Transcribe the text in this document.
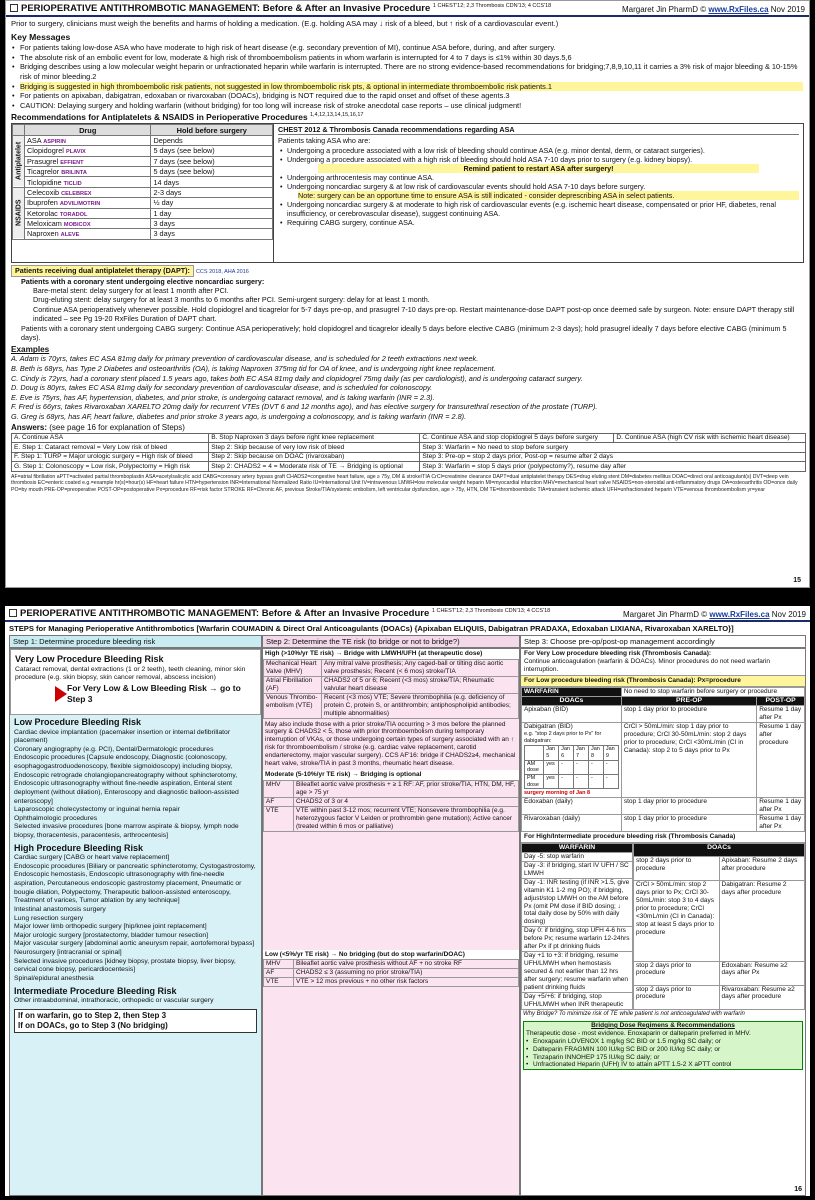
PERIOPERATIVE ANTITHROMBOTIC MANAGEMENT: Before & After an Invasive Procedure $^{1 CHEST'12; 2,3 Thrombosis CDN'13; 4 CCS'18}$	Margaret Jin PharmD © www.RxFiles.ca Nov 2019
Prior to surgery, clinicians must weigh the benefits and harms of holding a medication. (E.g. holding ASA may ↓ risk of a bleed, but ↑ risk of a cardiovascular event.)
Key Messages
• For patients taking low-dose ASA who have moderate to high risk of heart disease (e.g. secondary prevention of MI), continue ASA before, during, and after surgery.
• The absolute risk of an embolic event for low, moderate & high risk of thromboembolism patients in whom warfarin is interrupted for 4 to 7 days is ≤1% within 30 days.5,6
• Bridging describes using a low molecular weight heparin or unfractionated heparin while warfarin is interrupted. There are no strong evidence-based recommendations for bridging;7,8,9,10,11 it carries a 3% risk of major bleeding & 10-15% risk of minor bleeding.2
• Bridging is suggested in high thromboembolic risk patients, not suggested in low thromboembolic risk pts, & optional in intermediate thromboembolic risk patients.1
• For patients on apixaban, dabigatran, edoxaban or rivaroxaban (DOACs), bridging is NOT required due to the rapid onset and offset of these agents.3
• CAUTION: Delaying surgery and holding warfarin (without bridging) for too long will increase risk of stroke anecdotal case reports – use clinical judgment!
Recommendations for Antiplatelets & NSAIDS in Perioperative Procedures $^{1,4,12,13,14,15,16,17}$
	Drug	Hold before surgery
Antiplatelet	ASA ASPIRIN	Depends
	Clopidogrel PLAVIX	5 days (see below)
	Prasugrel EFFIENT	7 days (see below)
	Ticagrelor BRILINTA	5 days (see below)
	Ticlopidine TICLID	14 days
NSAIDS	Celecoxib CELEBREX	2-3 days
	Ibuprofen ADVIL/MOTRIN	½ day
	Ketorolac TORADOL	1 day
	Meloxicam MOBICOX	3 days
	Naproxen ALEVE	3 days
CHEST 2012 & Thrombosis Canada recommendations regarding ASA
Patients taking ASA who are:
• Undergoing a procedure associated with a low risk of bleeding should continue ASA (e.g. minor dental, derm, or cataract surgeries).
• Undergoing a procedure associated with a high risk of bleeding should hold ASA 7-10 days prior to surgery (e.g. kidney biopsy).
Remind patient to restart ASA after surgery!
• Undergoing arthrocentesis may continue ASA.
• Undergoing noncardiac surgery & at low risk of cardiovascular events should hold ASA 7-10 days before surgery.
Note: surgery can be an opportune time to ensure ASA is still indicated - consider deprescribing ASA in select patients.
• Undergoing noncardiac surgery & at moderate to high risk of cardiovascular events (e.g. ischemic heart disease, compensated or prior HF, diabetes, renal insufficiency, or cerebrovascular disease), suggest continuing ASA.
• Requiring CABG surgery, continue ASA.
Patients receiving dual antiplatelet therapy (DAPT): CCS 2018, AHA 2016
Patients with a coronary stent undergoing elective noncardiac surgery:
Bare-metal stent: delay surgery for at least 1 month after PCI.
Drug-eluting stent: delay surgery for at least 3 months to 6 months after PCI. Semi-urgent surgery: delay for at least 1 month.
Continue ASA perioperatively whenever possible. Hold clopidogrel and ticagrelor for 5-7 days pre-op, and prasugrel 7-10 days pre-op. Restart maintenance-dose DAPT post-op once deemed safe by surgeon. Note: ensure DAPT therapy still indicated – see Pg 19-20 RxFiles Duration of DAPT chart.
Patients with a coronary stent undergoing CABG surgery: Continue ASA perioperatively; hold clopidogrel and ticagrelor ideally 5 days before elective CABG (minimum 2-3 days); hold prasugrel ideally 7 days before elective CABG (minimum 5 days).
Examples
A. Adam is 70yrs, takes EC ASA 81mg daily for primary prevention of cardiovascular disease, and is scheduled for 2 teeth extractions next week.
B. Beth is 68yrs, has Type 2 Diabetes and osteoarthritis (OA), is taking Naproxen 375mg tid for OA of knee, and is undergoing right knee replacement.
C. Cindy is 72yrs, had a coronary stent placed 1.5 years ago, takes both EC ASA 81mg daily and clopidogrel 75mg daily (as per cardiologist), and is undergoing cataract surgery.
D. Doug is 80yrs, takes EC ASA 81mg daily for secondary prevention of cardiovascular disease, and is scheduled for colonoscopy.
E. Eve is 75yrs, has AF, hypertension, diabetes, and prior stroke, is undergoing cataract removal, and is taking warfarin (INR = 2.3).
F. Fred is 66yrs, takes Rivaroxaban XARELTO 20mg daily for recurrent VTEs (DVT 6 and 12 months ago), and has elective surgery for transurethral resection of the prostate (TURP).
G. Greg is 68yrs, has AF, heart failure, diabetes and prior stroke 3 years ago, is undergoing a colonoscopy, and is taking warfarin (INR = 2.8).
Answers: (see page 16 for explanation of Steps)
A. Continue ASA	B. Stop Naproxen 3 days before right knee replacement	C. Continue ASA and stop clopidogrel 5 days before surgery	D. Continue ASA (high CV risk with ischemic heart disease)
E. Step 1: Cataract removal = Very Low risk of bleed	Step 2: Skip because of very low risk of bleed	Step 3: Warfarin = No need to stop before surgery	
F. Step 1: TURP = Major urologic surgery = High risk of bleed	Step 2: Skip because on DOAC (rivaroxaban)	Step 3: Pre-op = stop 2 days prior, Post-op = resume after 2 days	
G. Step 1: Colonoscopy = Low risk, Polypectomy = High risk	Step 2: CHADS2 = 4 = Moderate risk of TE → Bridging is optional	Step 3: Warfarin = stop 5 days prior (polypectomy?), resume day after	
AF=atrial fibrillation aPTT=activated partial thromboplastin ASA=acetylsalicylic acid CABG=coronary artery bypass graft CHADS2=congestive heart failure, age ≥ 75y, DM & stroke/TIA CrCl=creatinine clearance DAPT=dual antiplatelet therapy DES=drug eluting stent DM=diabetes mellitus DOAC=direct oral anticoagulant(s) DVT=deep vein thrombosis EC=enteric coated e.g.=example hr(s)=hour(s) HF=heart failure HTN=hypertension INR=International Normalized Ratio IU=International Unit IV=intravenous LMWH=low molecular weight heparin MI=myocardial infarction MHV=mechanical heart valve NSAIDS=non-steroidal anti-inflammatory drugs OA=osteoarthritis OD=once daily PO=by mouth PRE-OP=preoperative POST-OP=postoperative Px=procedure RF=risk factor STROKE RF=Chronic AF, previous Stroke/TIA/systemic embolism, left ventricular dysfunction, age > 75y, HTN, DM TE=thromboembolic TIA=transient ischemic attack UFH=unfractionated heparin VTE=venous thromboembolism yr=year
15
PERIOPERATIVE ANTITHROMBOTIC MANAGEMENT: Before & After an Invasive Procedure $^{1 CHEST'12; 2,3 Thrombosis CDN'13; 4 CCS'18}$	Margaret Jin PharmD © www.RxFiles.ca Nov 2019
STEPS for Managing Perioperative Antithrombotics [Warfarin COUMADIN & Direct Oral Anticoagulants (DOACs) {Apixaban ELIQUIS, Dabigatran PRADAXA, Edoxaban LIXIANA, Rivaroxaban XARELTO}]
Step 1: Determine procedure bleeding risk	Step 2: Determine the TE risk (to bridge or not to bridge?)	Step 3: Choose pre-op/post-op management accordingly
Very Low Procedure Bleeding Risk
Cataract removal, dental extractions (1 or 2 teeth), teeth cleaning, minor skin procedure (e.g. skin biopsy, skin cancer removal, abscess incision)
For Very Low & Low Bleeding Risk → go to Step 3
Low Procedure Bleeding Risk
Cardiac device implantation (pacemaker insertion or internal defibrillator placement)
Coronary angiography (e.g. PCI), Dental/Dermatologic procedures
Endoscopic procedures [Capsule endoscopy, Diagnostic (colonoscopy, esophagogastroduodenoscopy, flexible sigmoidoscopy) including biopsy, Endoscopic retrograde cholangiopancreatography without sphincterotomy, Endoscopic ultrasonography without fine-needle aspiration, Enteral stent deployment (without dilation), Enteroscopy and diagnostic balloon-assisted enteroscopy]
Laparoscopic cholecystectomy or inguinal hernia repair
Ophthalmologic procedures
Selected invasive procedures [bone marrow aspirate & biopsy, lymph node biopsy, thoracentesis, paracentesis, arthrocentesis]
High Procedure Bleeding Risk
Cardiac surgery [CABG or heart valve replacement]
Endoscopic procedures [Biliary or pancreatic sphincterotomy, Cystogastrostomy, Endoscopic hemostasis, Endoscopic ultrasonography with fine-needle aspiration, Percutaneous endoscopic gastrostomy placement, Pneumatic or bougie dilation, Polypectomy, Therapeutic balloon-assisted enteroscopy, Treatment of varices, Tumor ablation by any technique]
Intestinal anastomosis surgery
Lung resection surgery
Major lower limb orthopedic surgery [hip/knee joint replacement]
Major urologic surgery [prostatectomy, bladder tumour resection]
Major vascular surgery [abdominal aortic aneurysm repair, aortofemoral bypass]
Neurosurgery [intracranial or spinal]
Selected invasive procedures [kidney biopsy, prostate biopsy, liver biopsy, cervical cone biopsy, pericardiocentesis]
Spinal/epidural anesthesia
Intermediate Procedure Bleeding Risk
Other intraabdominal, intrathoracic, orthopedic or vascular surgery
If on warfarin, go to Step 2, then Step 3
If on DOACs, go to Step 3 (No bridging)
High (>10%/yr TE risk) → Bridge with LMWH/UFH (at therapeutic dose)
Mechanical Heart Valve (MHV)	Any mitral valve prosthesis; Any caged-ball or tilting disc aortic valve prosthesis; Recent (< 6 mos) stroke/TIA
Atrial Fibrillation (AF)	CHADS2 of 5 or 6; Recent (<3 mos) stroke/TIA; Rheumatic valvular heart disease
Venous Thrombo-embolism (VTE)	Recent (<3 mos) VTE; Severe thrombophilia (e.g. deficiency of protein C, protein S, or antithrombin; antiphospholipid antibodies; multiple abnormalities)
May also include those with a prior stroke/TIA occurring > 3 mos before the planned surgery & CHADS2 < 5, those with prior thromboembolism during temporary interruption of VKAs, or those undergoing certain types of surgery associated with an ↑ risk for thromboembolism / stroke (e.g. cardiac valve replacement, carotid endarterectomy, major vascular surgery). CCS AF'16: bridge if CHADS2≥4, mechanical heart valve, stroke/TIA in past 3 months, rheumatic heart disease.
Moderate (5-10%/yr TE risk) → Bridging is optional
MHV	Bileaflet aortic valve prosthesis + ≥ 1 RF: AF, prior stroke/TIA, HTN, DM, HF, age > 75 yr
AF	CHADS2 of 3 or 4
VTE	VTE within past 3-12 mos; recurrent VTE; Nonsevere thrombophilia (e.g. heterozygous factor V Leiden or prothrombin gene mutation); Active cancer (treated within 6 mos or palliative)
Low (<5%/yr TE risk) → No bridging (but do stop warfarin/DOAC)
MHV	Bileaflet aortic valve prosthesis without AF + no stroke RF
AF	CHADS2 ≤ 3 (assuming no prior stroke/TIA)
VTE	VTE > 12 mos previous + no other risk factors
For Very Low procedure bleeding risk (Thrombosis Canada):
Continue anticoagulation (warfarin & DOACs). Minor procedures do not need warfarin interruption.
For Low procedure bleeding risk (Thrombosis Canada): Px=procedure
WARFARIN	No need to stop warfarin before surgery or procedure
DOACs	PRE-OP	POST-OP
Apixaban (BID)	stop 1 day prior to procedure	Resume 1 day after Px

Dabigatran (BID)
e.g. "stop 2 days prior to Px" for dabigatran:
	Jan 5	Jan 6	Jan 7	Jan 8	Jan 9
AM dose	yes	-	-	-	-
PM dose	yes	-	-	-	-
surgery morning of Jan 8
	CrCl > 50mL/min: stop 1 day prior to procedure; CrCl 30-50mL/min: stop 2 days prior to procedure; CrCl <30mL/min (CI in Canada): stop 2 to 5 days prior to Px	Resume 1 day after procedure
Edoxaban (daily)	stop 1 day prior to procedure	Resume 1 day after Px
Rivaroxaban (daily)	stop 1 day prior to procedure	Resume 1 day after Px
For High/Intermediate procedure bleeding risk (Thrombosis Canada)
WARFARIN
Day -5: stop warfarin
Day -3: if bridging, start IV UFH / SC LMWH
Day -1: INR testing (if INR >1.5, give vitamin K1 1-2 mg PO); if bridging, adjust/stop LMWH on the AM before Px (omit PM dose if BID dosing; ↓ total daily dose by 50% with daily dosing)
Day 0: if bridging, stop UFH 4-6 hrs before Px; resume warfarin 12-24hrs after Px if pt drinking fluids
Day +1 to +3: if bridging, resume UFH/LMWH when hemostasis secured & not earlier than 12 hrs after surgery; resume warfarin when patient drinking fluids
Day +5/+6: if bridging, stop UFH/LMWH when INR therapeutic
DOACs	
stop 2 days prior to procedure	Apixaban: Resume 2 days after procedure
CrCl > 50mL/min: stop 2 days prior to Px; CrCl 30-50mL/min: stop 3 to 4 days prior to procedure; CrCl <30mL/min (CI in Canada): stop at least 5 days prior to procedure	Dabigatran: Resume 2 days after procedure
stop 2 days prior to procedure	Edoxaban: Resume ≥2 days after Px
stop 2 days prior to procedure	Rivaroxaban: Resume ≥2 days after procedure
Why Bridge? To minimize risk of TE while patient is not anticoagulated with warfarin
Bridging Dose Regimens & Recommendations
Therapeutic dose - most evidence. Enoxaparin or dalteparin preferred in MHV.
• Enoxaparin LOVENOX 1 mg/kg SC BID or 1.5 mg/kg SC daily; or
• Dalteparin FRAGMIN 100 IU/kg SC BID or 200 IU/kg SC daily; or
• Tinzaparin INNOHEP 175 IU/kg SC daily; or
• Unfractionated Heparin (UFH) IV to attain aPTT 1.5-2 X aPTT control
16
